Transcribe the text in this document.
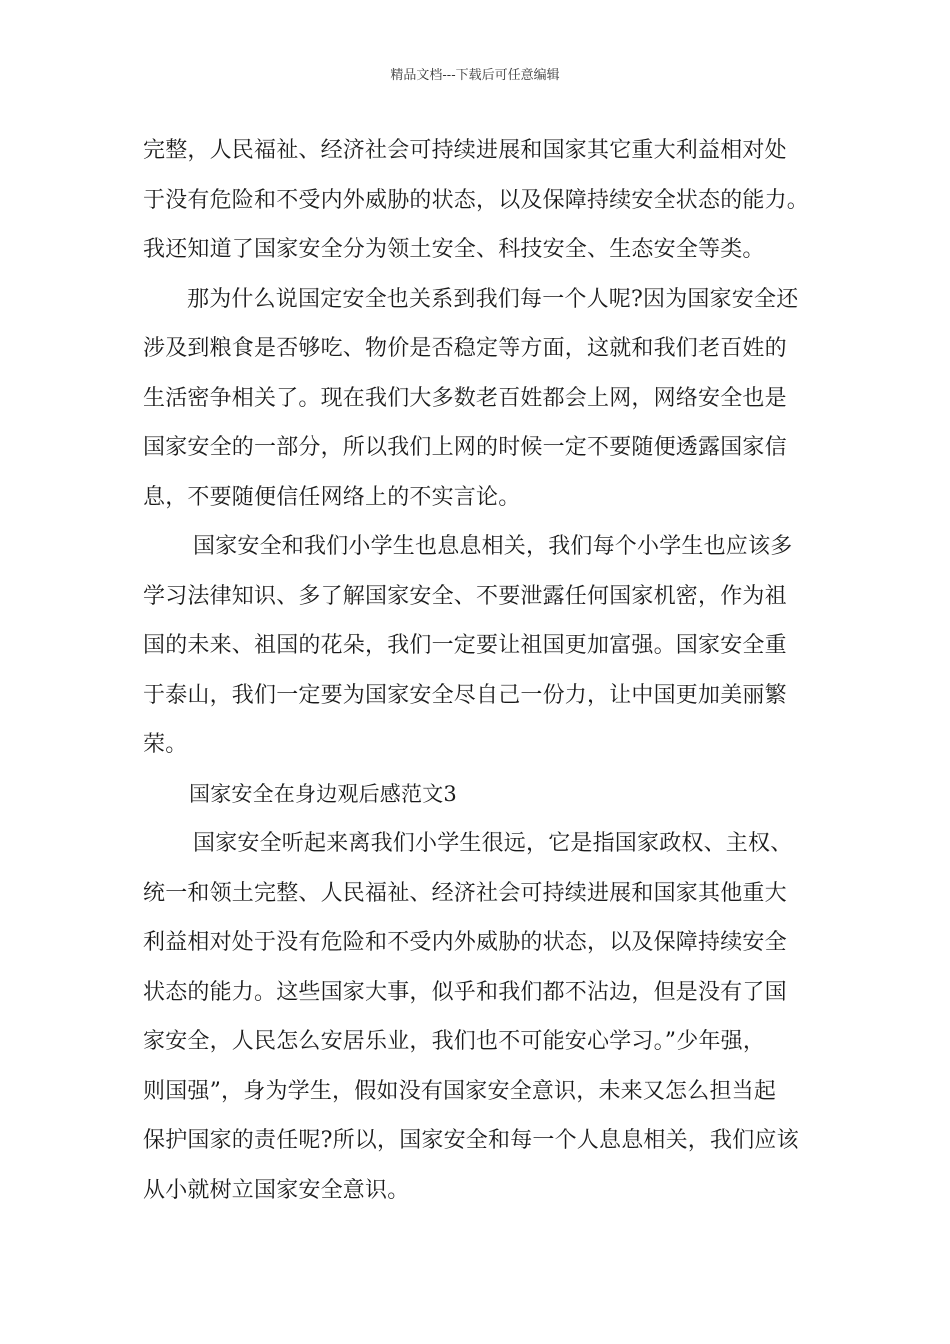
精品文档---下载后可任意编辑
完整，人民福祉、经济社会可持续进展和国家其它重大利益相对处
于没有危险和不受内外威胁的状态，以及保障持续安全状态的能力。
我还知道了国家安全分为领土安全、科技安全、生态安全等类。
那为什么说国定安全也关系到我们每一个人呢?因为国家安全还
涉及到粮食是否够吃、物价是否稳定等方面，这就和我们老百姓的
生活密争相关了。现在我们大多数老百姓都会上网，网络安全也是
国家安全的一部分，所以我们上网的时候一定不要随便透露国家信
息，不要随便信任网络上的不实言论。
国家安全和我们小学生也息息相关，我们每个小学生也应该多
学习法律知识、多了解国家安全、不要泄露任何国家机密，作为祖
国的未来、祖国的花朵，我们一定要让祖国更加富强。国家安全重
于泰山，我们一定要为国家安全尽自己一份力，让中国更加美丽繁
荣。
国家安全在身边观后感范文3
国家安全听起来离我们小学生很远，它是指国家政权、主权、
统一和领土完整、人民福祉、经济社会可持续进展和国家其他重大
利益相对处于没有危险和不受内外威胁的状态，以及保障持续安全
状态的能力。这些国家大事，似乎和我们都不沾边，但是没有了国
家安全，人民怎么安居乐业，我们也不可能安心学习。”少年强，
则国强”，身为学生，假如没有国家安全意识，未来又怎么担当起
保护国家的责任呢?所以，国家安全和每一个人息息相关，我们应该
从小就树立国家安全意识。
